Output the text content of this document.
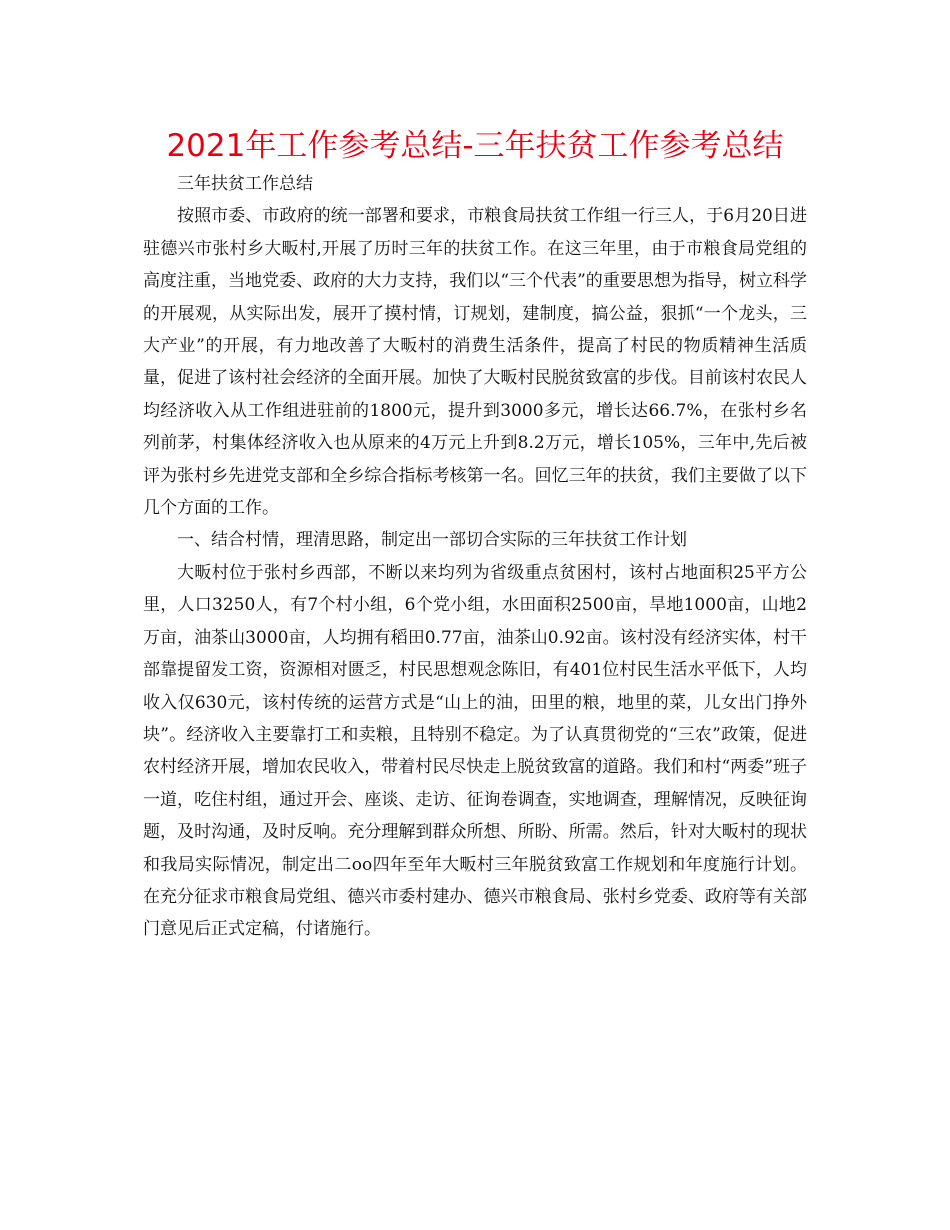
2021年工作参考总结-三年扶贫工作参考总结

三年扶贫工作总结

按照市委、市政府的统一部署和要求，市粮食局扶贫工作组一行三人，于6月20日进驻德兴市张村乡大畈村,开展了历时三年的扶贫工作。在这三年里，由于市粮食局党组的高度注重，当地党委、政府的大力支持，我们以“三个代表”的重要思想为指导，树立科学的开展观，从实际出发，展开了摸村情，订规划，建制度，搞公益，狠抓“一个龙头，三大产业”的开展，有力地改善了大畈村的消费生活条件，提高了村民的物质精神生活质量，促进了该村社会经济的全面开展。加快了大畈村民脱贫致富的步伐。目前该村农民人均经济收入从工作组进驻前的1800元，提升到3000多元，增长达66.7%，在张村乡名列前茅，村集体经济收入也从原来的4万元上升到8.2万元，增长105%，三年中,先后被评为张村乡先进党支部和全乡综合指标考核第一名。回忆三年的扶贫，我们主要做了以下几个方面的工作。

一、结合村情，理清思路，制定出一部切合实际的三年扶贫工作计划

大畈村位于张村乡西部，不断以来均列为省级重点贫困村，该村占地面积25平方公里，人口3250人，有7个村小组，6个党小组，水田面积2500亩，旱地1000亩，山地2万亩，油茶山3000亩，人均拥有稻田0.77亩，油茶山0.92亩。该村没有经济实体，村干部靠提留发工资，资源相对匮乏，村民思想观念陈旧，有401位村民生活水平低下，人均收入仅630元，该村传统的运营方式是“山上的油，田里的粮，地里的菜，儿女出门挣外块”。经济收入主要靠打工和卖粮，且特别不稳定。为了认真贯彻党的“三农”政策，促进农村经济开展，增加农民收入，带着村民尽快走上脱贫致富的道路。我们和村“两委”班子一道，吃住村组，通过开会、座谈、走访、征询卷调查，实地调查，理解情况，反映征询题，及时沟通，及时反响。充分理解到群众所想、所盼、所需。然后，针对大畈村的现状和我局实际情况，制定出二oo四年至年大畈村三年脱贫致富工作规划和年度施行计划。在充分征求市粮食局党组、德兴市委村建办、德兴市粮食局、张村乡党委、政府等有关部门意见后正式定稿，付诸施行。
